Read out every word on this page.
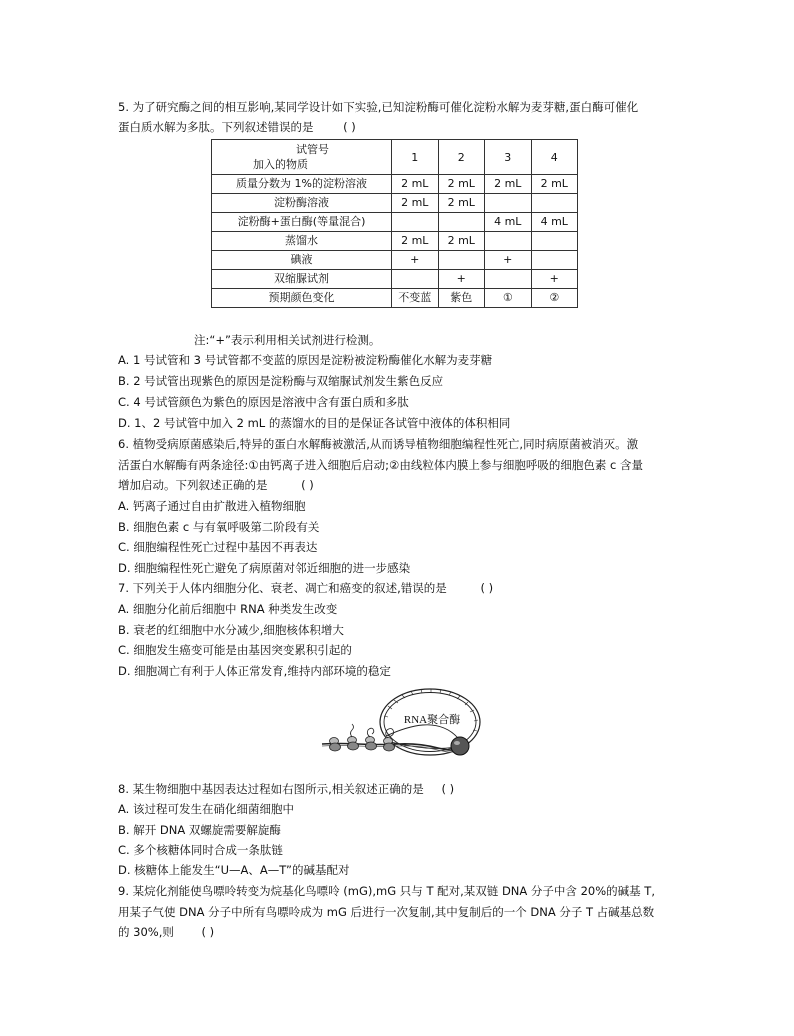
5. 为了研究酶之间的相互影响,某同学设计如下实验,已知淀粉酶可催化淀粉水解为麦芽糖,蛋白酶可催化
蛋白质水解为多肽。下列叙述错误的是	( )
试管号
加入的物质	1	2	3	4
质量分数为 1%的淀粉溶液	2 mL	2 mL	2 mL	2 mL
淀粉酶溶液	2 mL	2 mL		
淀粉酶+蛋白酶(等量混合)			4 mL	4 mL
蒸馏水	2 mL	2 mL		
碘液	+		+	
双缩脲试剂		+		+
预期颜色变化	不变蓝	紫色	①	②
注:“+”表示利用相关试剂进行检测。
A. 1 号试管和 3 号试管都不变蓝的原因是淀粉被淀粉酶催化水解为麦芽糖
B. 2 号试管出现紫色的原因是淀粉酶与双缩脲试剂发生紫色反应
C. 4 号试管颜色为紫色的原因是溶液中含有蛋白质和多肽
D. 1、2 号试管中加入 2 mL 的蒸馏水的目的是保证各试管中液体的体积相同
6. 植物受病原菌感染后,特异的蛋白水解酶被激活,从而诱导植物细胞编程性死亡,同时病原菌被消灭。激
活蛋白水解酶有两条途径:①由钙离子进入细胞后启动;②由线粒体内膜上参与细胞呼吸的细胞色素 c 含量
增加启动。下列叙述正确的是	( )
A. 钙离子通过自由扩散进入植物细胞
B. 细胞色素 c 与有氧呼吸第二阶段有关
C. 细胞编程性死亡过程中基因不再表达
D. 细胞编程性死亡避免了病原菌对邻近细胞的进一步感染
7. 下列关于人体内细胞分化、衰老、凋亡和癌变的叙述,错误的是	( )
A. 细胞分化前后细胞中 RNA 种类发生改变
B. 衰老的红细胞中水分减少,细胞核体积增大
C. 细胞发生癌变可能是由基因突变累积引起的
D. 细胞凋亡有利于人体正常发育,维持内部环境的稳定
RNA聚合酶
8. 某生物细胞中基因表达过程如右图所示,相关叙述正确的是 ( )
A. 该过程可发生在硝化细菌细胞中
B. 解开 DNA 双螺旋需要解旋酶
C. 多个核糖体同时合成一条肽链
D. 核糖体上能发生“U—A、A—T”的碱基配对
9. 某烷化剂能使鸟嘌呤转变为烷基化鸟嘌呤 (mG),mG 只与 T 配对,某双链 DNA 分子中含 20%的碱基 T,
用某子气使 DNA 分子中所有鸟嘌呤成为 mG 后进行一次复制,其中复制后的一个 DNA 分子 T 占碱基总数
的 30%,则 ( )
